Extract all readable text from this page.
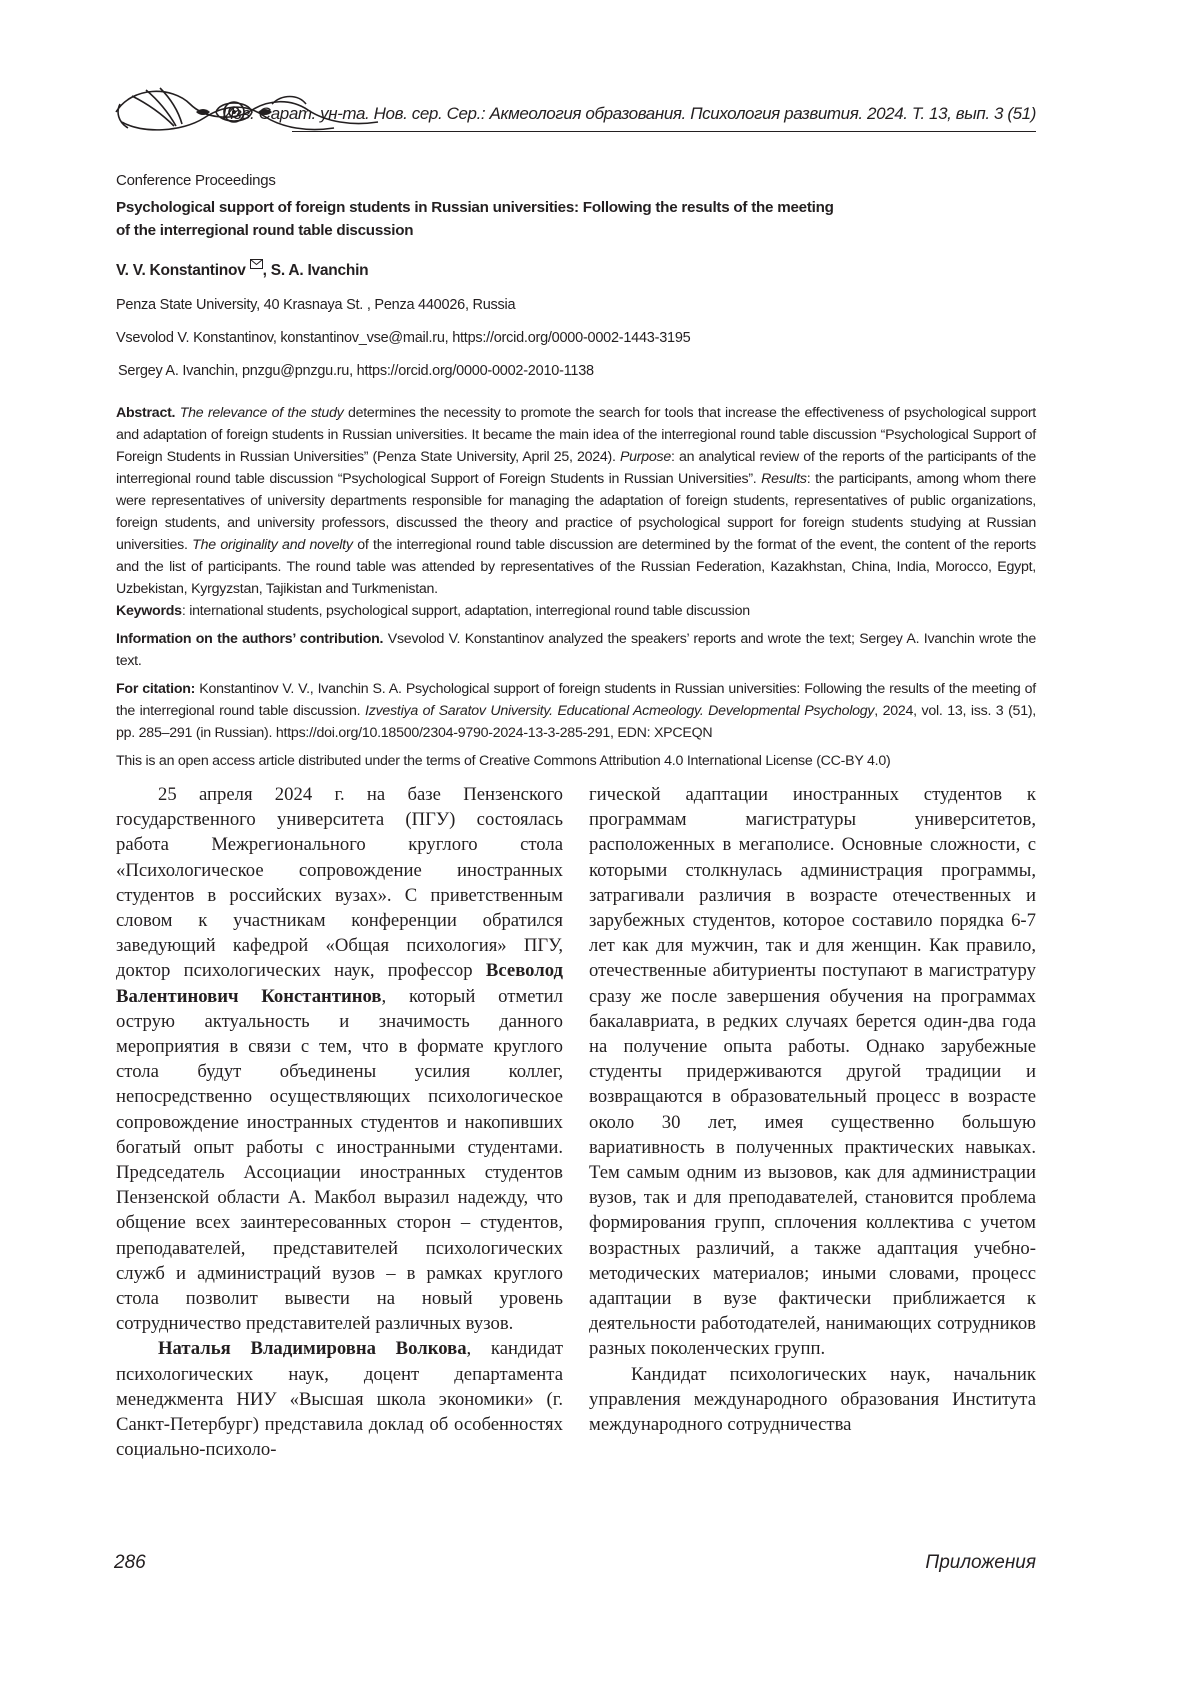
Изв. Сарат. ун-та. Нов. сер. Сер.: Акмеология образования. Психология развития. 2024. Т. 13, вып. 3 (51)
Conference Proceedings
Psychological support of foreign students in Russian universities: Following the results of the meeting
of the interregional round table discussion
V. V. Konstantinov , S. A. Ivanchin
Penza State University, 40 Krasnaya St. , Penza 440026, Russia
Vsevolod V. Konstantinov, konstantinov_vse@mail.ru, https://orcid.org/0000-0002-1443-3195
Sergey A. Ivanchin, pnzgu@pnzgu.ru, https://orcid.org/0000-0002-2010-1138

Abstract. The relevance of the study determines the necessity to promote the search for tools that increase the effectiveness of psychological support and adaptation of foreign students in Russian universities. It became the main idea of the interregional round table discussion “Psychological Support of Foreign Students in Russian Universities” (Penza State University, April 25, 2024). Purpose: an analytical review of the reports of the participants of the interregional round table discussion “Psychological Support of Foreign Students in Russian Universities”. Results: the participants, among whom there were representatives of university departments responsible for managing the adaptation of foreign students, representatives of public organizations, foreign students, and university professors, discussed the theory and practice of psychological support for foreign students studying at Russian universities. The originality and novelty of the interregional round table discussion are determined by the format of the event, the content of the reports and the list of participants. The round table was attended by representatives of the Russian Federation, Kazakhstan, China, India, Morocco, Egypt, Uzbekistan, Kyrgyzstan, Tajikistan and Turkmenistan.

Keywords: international students, psychological support, adaptation, interregional round table discussion

Information on the authors’ contribution. Vsevolod V. Konstantinov analyzed the speakers’ reports and wrote the text; Sergey A. Ivanchin wrote the text.

For citation: Konstantinov V. V., Ivanchin S. A. Psychological support of foreign students in Russian universities: Following the results of the meeting of the interregional round table discussion. Izvestiya of Saratov University. Educational Acmeology. Developmental Psychology, 2024, vol. 13, iss. 3 (51), pp. 285–291 (in Russian). https://doi.org/10.18500/2304-9790-2024-13-3-285-291, EDN: XPCEQN

This is an open access article distributed under the terms of Creative Commons Attribution 4.0 International License (CC-BY 4.0)

25 апреля 2024 г. на базе Пензенского государственного университета (ПГУ) состоялась работа Межрегионального круглого стола «Психологическое сопровождение иностранных студентов в российских вузах». С приветственным словом к участникам конференции обратился заведующий кафедрой «Общая психология» ПГУ, доктор психологических наук, профессор Всеволод Валентинович Константинов, который отметил острую актуальность и значимость данного мероприятия в связи с тем, что в формате круглого стола будут объединены усилия коллег, непосредственно осуществляющих психологическое сопровождение иностранных студентов и накопивших богатый опыт работы с иностранными студентами. Председатель Ассоциации иностранных студентов Пензенской области А. Макбол выразил надежду, что общение всех заинтересованных сторон – студентов, преподавателей, представителей психологических служб и администраций вузов – в рамках круглого стола позволит вывести на новый уровень сотрудничество представителей различных вузов.

Наталья Владимировна Волкова, кандидат психологических наук, доцент департамента менеджмента НИУ «Высшая школа экономики» (г. Санкт-Петербург) представила доклад об особенностях социально-психоло-

гической адаптации иностранных студентов к программам магистратуры университетов, расположенных в мегаполисе. Основные сложности, с которыми столкнулась администрация программы, затрагивали различия в возрасте отечественных и зарубежных студентов, которое составило порядка 6-7 лет как для мужчин, так и для женщин. Как правило, отечественные абитуриенты поступают в магистратуру сразу же после завершения обучения на программах бакалавриата, в редких случаях берется один-два года на получение опыта работы. Однако зарубежные студенты придерживаются другой традиции и возвращаются в образовательный процесс в возрасте около 30 лет, имея существенно большую вариативность в полученных практических навыках. Тем самым одним из вызовов, как для администрации вузов, так и для преподавателей, становится проблема формирования групп, сплочения коллектива с учетом возрастных различий, а также адаптация учебно-методических материалов; иными словами, процесс адаптации в вузе фактически приближается к деятельности работодателей, нанимающих сотрудников разных поколенческих групп.

Кандидат психологических наук, начальник управления международного образования Института международного сотрудничества

286	Приложения
